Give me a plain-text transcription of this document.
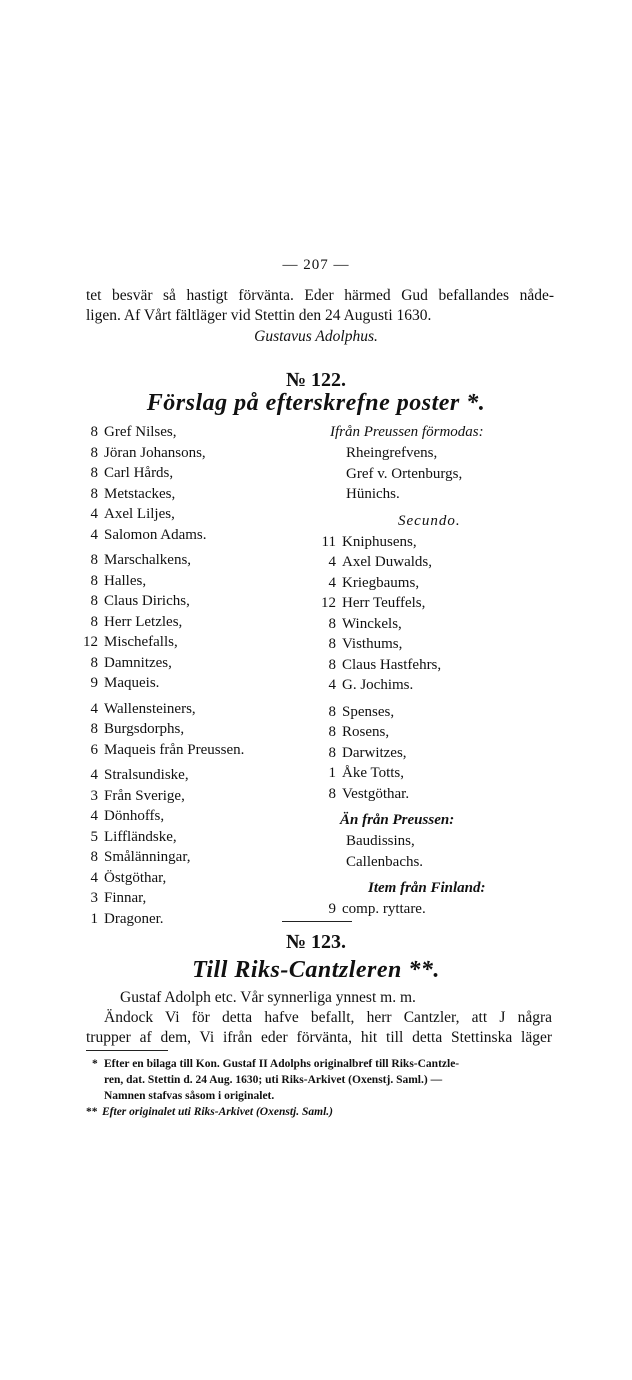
— 207 —
tet besvär så hastigt förvänta. Eder härmed Gud befallandes nåde-
ligen. Af Vårt fältläger vid Stettin den 24 Augusti 1630.
Gustavus Adolphus.
№ 122.
Förslag på efterskrefne poster *.
8 Gref Nilses,
8 Jöran Johansons,
8 Carl Hårds,
8 Metstackes,
4 Axel Liljes,
4 Salomon Adams.
8 Marschalkens,
8 Halles,
8 Claus Dirichs,
8 Herr Letzles,
12 Mischefalls,
8 Damnitzes,
9 Maqueis.
4 Wallensteiners,
8 Burgsdorphs,
6 Maqueis från Preussen.
4 Stralsundiske,
3 Från Sverige,
4 Dönhoffs,
5 Liffländske,
8 Smålänningar,
4 Östgöthar,
3 Finnar,
1 Dragoner.
Ifrån Preussen förmodas:
Rheingrefvens,
Gref v. Ortenburgs,
Hünichs.
Secundo.
11 Kniphusens,
4 Axel Duwalds,
4 Kriegbaums,
12 Herr Teuffels,
8 Winckels,
8 Visthums,
8 Claus Hastfehrs,
4 G. Jochims.
8 Spenses,
8 Rosens,
8 Darwitzes,
1 Åke Totts,
8 Vestgöthar.
Än från Preussen:
Baudissins,
Callenbachs.
Item från Finland:
9 comp. ryttare.
№ 123.
Till Riks-Cantzleren **.
Gustaf Adolph etc. Vår synnerliga ynnest m. m.
Ändock Vi för detta hafve befallt, herr Cantzler, att J några
trupper af dem, Vi ifrån eder förvänta, hit till detta Stettinska läger
* Efter en bilaga till Kon. Gustaf II Adolphs originalbref till Riks-Cantzle-
ren, dat. Stettin d. 24 Aug. 1630; uti Riks-Arkivet (Oxenstj. Saml.) —
Namnen stafvas såsom i originalet.
** Efter originalet uti Riks-Arkivet (Oxenstj. Saml.)
